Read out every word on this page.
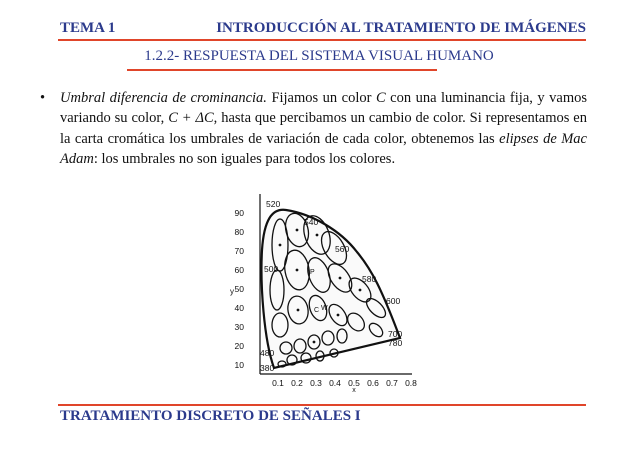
TEMA 1	INTRODUCCIÓN AL TRATAMIENTO DE IMÁGENES
1.2.2- RESPUESTA DEL SISTEMA VISUAL HUMANO
• Umbral diferencia de crominancia. Fijamos un color C con una luminancia fija, y vamos variando su color, C + ΔC, hasta que percibamos un cambio de color. Si representamos en la carta cromática los umbrales de variación de cada color, obtenemos las elipses de Mac Adam: los umbrales no son iguales para todos los colores.
10
20
30
40
50
60
70
80
90
y
0.1 0.2 0.3 0.4 0.5 0.6 0.7 0.8
x
520
540
560
500
580
600
700
780
480
380
P
C W
TRATAMIENTO DISCRETO DE SEÑALES I
